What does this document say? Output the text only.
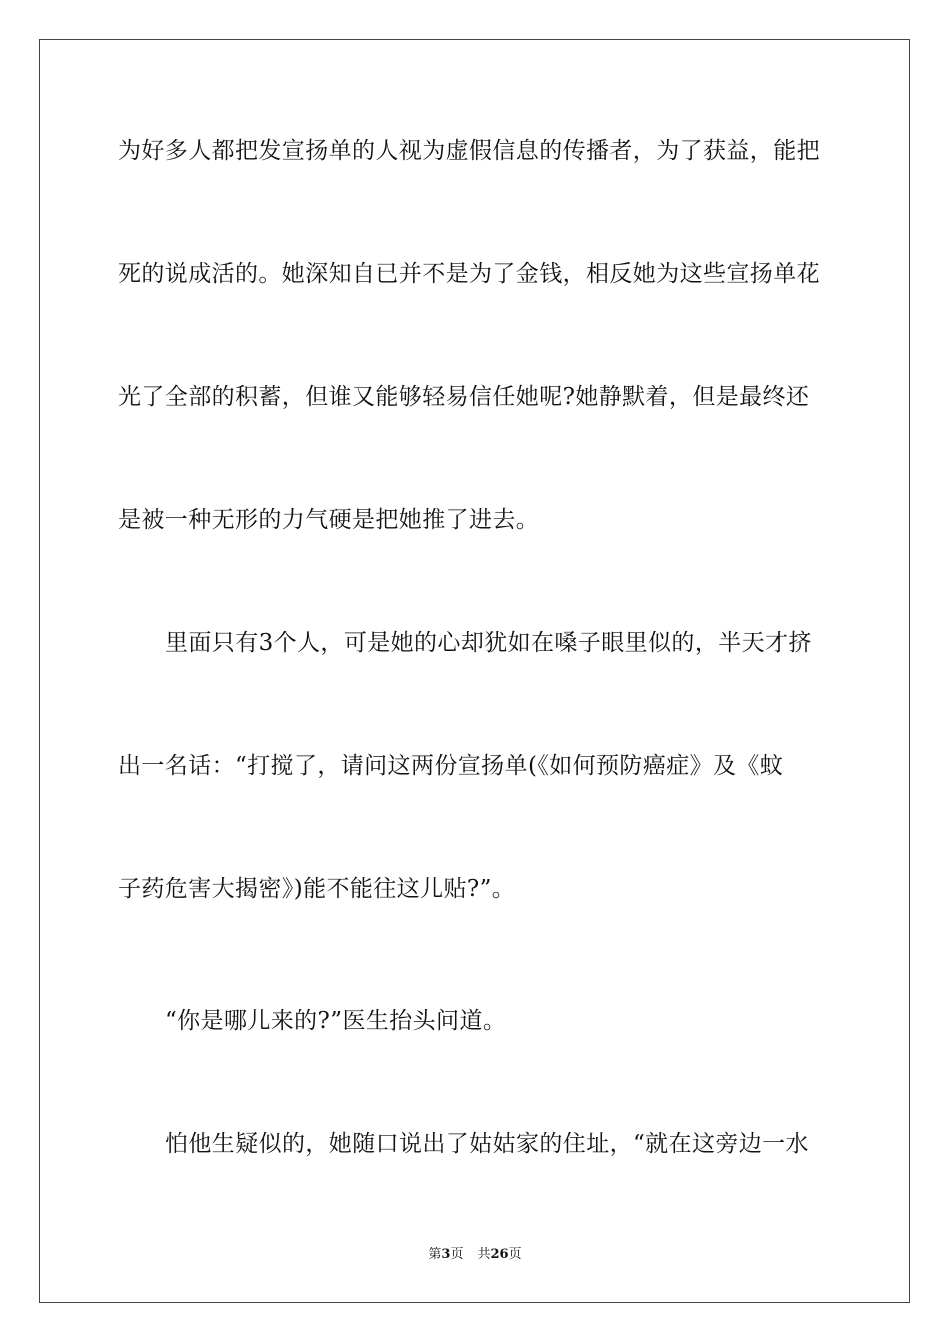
为好多人都把发宣扬单的人视为虚假信息的传播者，为了获益，能把
死的说成活的。她深知自已并不是为了金钱，相反她为这些宣扬单花
光了全部的积蓄，但谁又能够轻易信任她呢?她静默着，但是最终还
是被一种无形的力气硬是把她推了进去。
里面只有3个人，可是她的心却犹如在嗓子眼里似的，半天才挤
出一名话：“打搅了，请问这两份宣扬单(《如何预防癌症》及《蚊
子药危害大揭密》)能不能往这儿贴?”。
“你是哪儿来的?”医生抬头问道。
怕他生疑似的，她随口说出了姑姑家的住址，“就在这旁边一水
第3页 共26页
